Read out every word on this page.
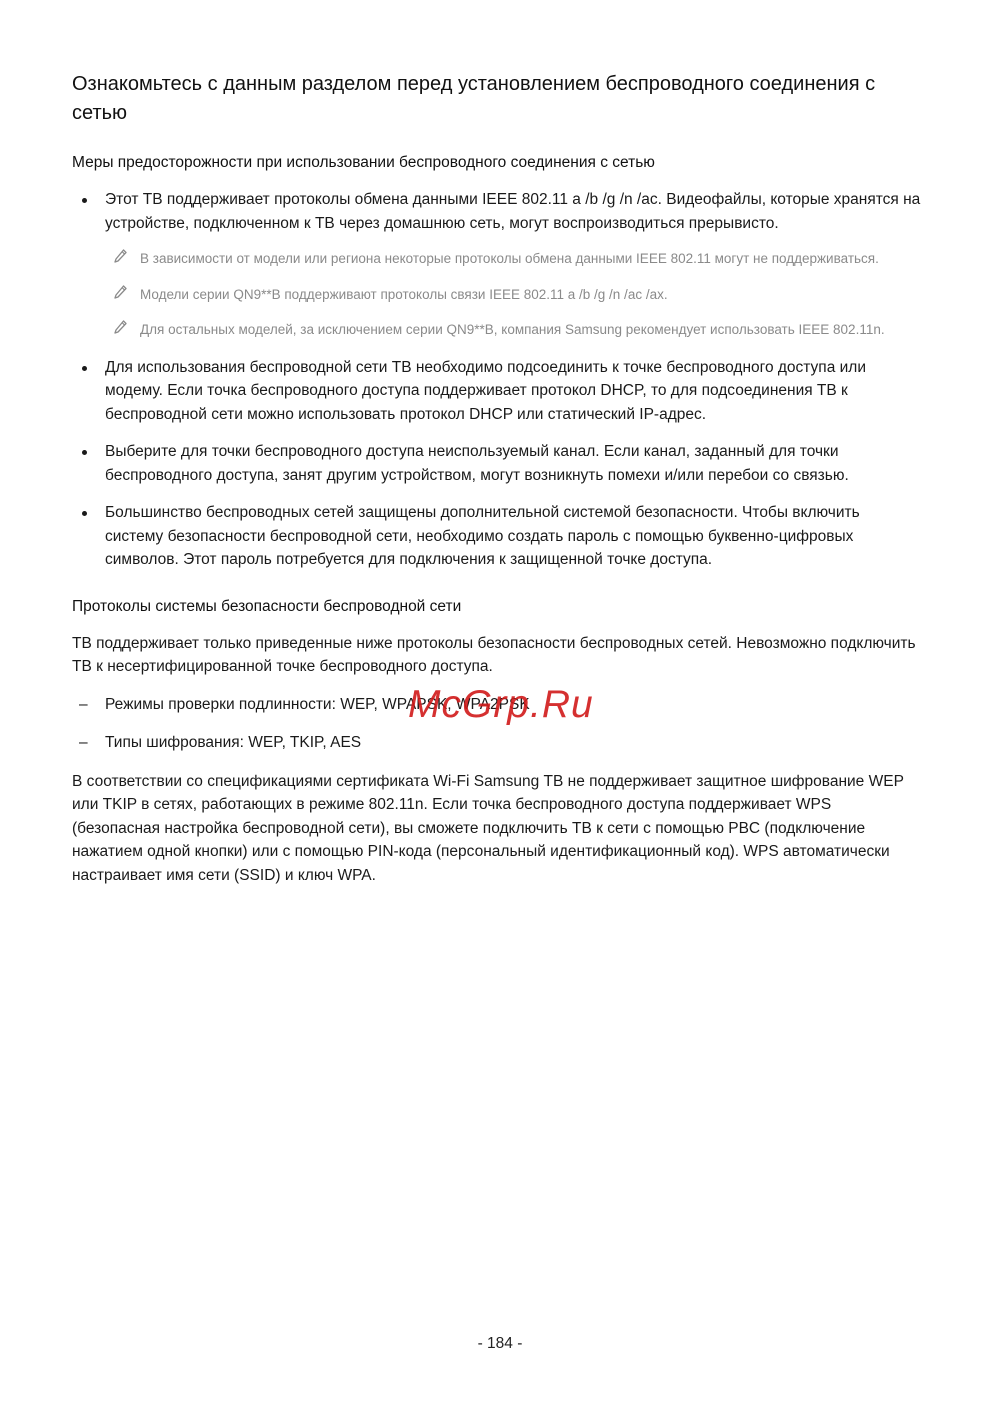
Ознакомьтесь с данным разделом перед установлением беспроводного соединения с сетью
Меры предосторожности при использовании беспроводного соединения с сетью
Этот ТВ поддерживает протоколы обмена данными IEEE 802.11 a /b /g /n /ac. Видеофайлы, которые хранятся на устройстве, подключенном к ТВ через домашнюю сеть, могут воспроизводиться прерывисто.
В зависимости от модели или региона некоторые протоколы обмена данными IEEE 802.11 могут не поддерживаться.
Модели серии QN9**B поддерживают протоколы связи IEEE 802.11 a /b /g /n /ac /ax.
Для остальных моделей, за исключением серии QN9**B, компания Samsung рекомендует использовать IEEE 802.11n.
Для использования беспроводной сети ТВ необходимо подсоединить к точке беспроводного доступа или модему. Если точка беспроводного доступа поддерживает протокол DHCP, то для подсоединения ТВ к беспроводной сети можно использовать протокол DHCP или статический IP-адрес.
Выберите для точки беспроводного доступа неиспользуемый канал. Если канал, заданный для точки беспроводного доступа, занят другим устройством, могут возникнуть помехи и/или перебои со связью.
Большинство беспроводных сетей защищены дополнительной системой безопасности. Чтобы включить систему безопасности беспроводной сети, необходимо создать пароль с помощью буквенно-цифровых символов. Этот пароль потребуется для подключения к защищенной точке доступа.
Протоколы системы безопасности беспроводной сети

ТВ поддерживает только приведенные ниже протоколы безопасности беспроводных сетей. Невозможно подключить ТВ к несертифицированной точке беспроводного доступа.

– Режимы проверки подлинности: WEP, WPAPSK, WPA2PSK
– Типы шифрования: WEP, TKIP, AES

В соответствии со спецификациями сертификата Wi-Fi Samsung ТВ не поддерживает защитное шифрование WEP или TKIP в сетях, работающих в режиме 802.11n. Если точка беспроводного доступа поддерживает WPS (безопасная настройка беспроводной сети), вы сможете подключить ТВ к сети с помощью PBC (подключение нажатием одной кнопки) или с помощью PIN-кода (персональный идентификационный код). WPS автоматически настраивает имя сети (SSID) и ключ WPA.

McGrp.Ru
- 184 -
